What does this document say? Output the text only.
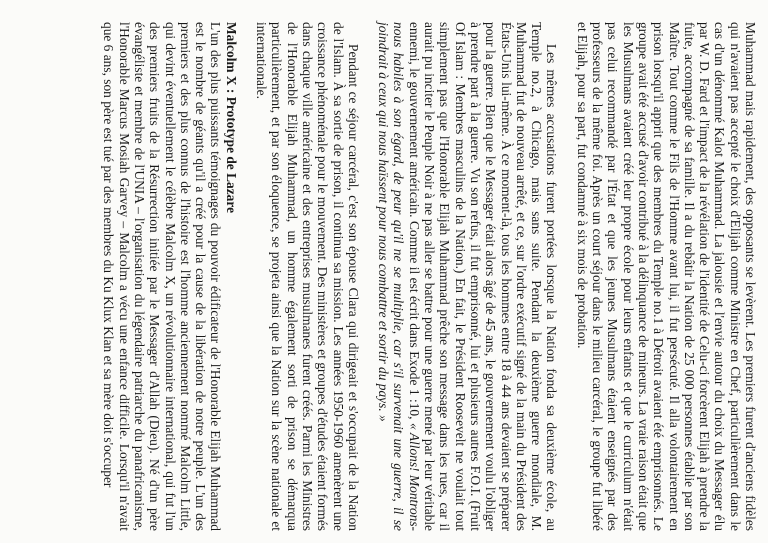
Muhammad mais rapidement, des opposants se levèrent. Les premiers furent d'anciens fidèles qui n'avaient pas accepté le choix d'Elijah comme Ministre en Chef, particulièrement dans le cas d'un dénommé Kalot Muhammad. La jalousie et l'envie autour du choix du Messager élu par W. D. Fard et l'impact de la révélation de l'identité de Celu-ci forcèrent Elijah à prendre la fuite, accompagné de sa famille. Il a du rebâtir la Nation de 25 000 personnes établie par son Maître. Tout comme le Fils de l'Homme avant lui, il fut persécuté. Il alla volontairement en prison lorsqu'il apprit que des membres du Temple no.1 à Détroit avaient été emprisonnés. Le groupe avait été accusé d'avoir contribué à la délinquance de mineurs. La vraie raison était que les Musulmans avaient créé leur propre école pour leurs enfants et que le curriculum n'était pas celui recommandé par l'État et que les jeunes Musulmans étaient enseignés par des professeurs de la même foi. Après un court séjour dans le milieu carcéral, le groupe fut libéré et Elijah, pour sa part, fut condamné à six mois de probation.

Les mêmes accusations furent portées lorsque la Nation fonda sa deuxième école, au Temple no.2, à Chicago, mais sans suite. Pendant la deuxième guerre mondiale, M. Muhammad fut de nouveau arrêté, et ce, sur l'ordre exécutif signé de la main du Président des États-Unis lui-même. À ce moment-là, tous les hommes entre 18 à 44 ans devaient se préparer pour la guerre. Bien que le Messager était alors âgé de 45 ans, le gouvernement voulu l'obliger à prendre part à la guerre. Vu son refus, il fut emprisonné, lui et plusieurs autres F.O.I. (Fruit Of Islam : Membres masculins de la Nation.) En fait, le Président Roosevelt ne voulait tout simplement pas que l'Honorable Elijah Muhammad prêche son message dans les rues, car il aurait pu inciter le Peuple Noir à ne pas aller se battre pour une guerre mené par leur véritable ennemi, le gouvernement américain. Comme il est écrit dans Exode 1 :10, « Allons! Montrons-nous habiles à son égard, de peur qu'il ne se multiplie, car s'il survenait une guerre, il se joindrait à ceux qui nous haïssent pour nous combattre et sortir du pays. »

Pendant ce séjour carcéral, c'est son épouse Clara qui dirigeait et s'occupait de la Nation de l'Islam. À sa sortie de prison, il continua sa mission. Les années 1950-1960 amenèrent une croissance phénoménale pour le mouvement. Des ministères et groupes d'études étaient formés dans chaque ville américaine et des entreprises musulmanes furent créés. Parmi les Ministres de l'Honorable Elijah Muhammad, un homme également sorti de prison se démarqua particulièrement, et par son éloquence, se projeta ainsi que la Nation sur la scène nationale et internationale.

Malcolm X : Prototype de Lazare

L'un des plus puissants témoignages du pouvoir édificateur de l'Honorable Elijah Muhammad est le nombre de géants qu'il a créé pour la cause de la libération de notre peuple. L'un des premiers et des plus connus de l'histoire est l'homme anciennement nommé Malcolm Little, qui devint éventuellement le célèbre Malcolm X, un révolutionnaire international, qui fut l'un des premiers fruits de la Résurrection initiée par le Messager d'Allah (Dieu). Né d'un père évangéliste et membre de l'UNIA – l'organisation du légendaire patriarche du panafricanisme, l'Honorable Marcus Mosiah Garvey – Malcolm a vécu une enfance difficile. Lorsqu'il n'avait que 6 ans, son père est tué par des membres du Ku Klux Klan et sa mère doit s'occuper
